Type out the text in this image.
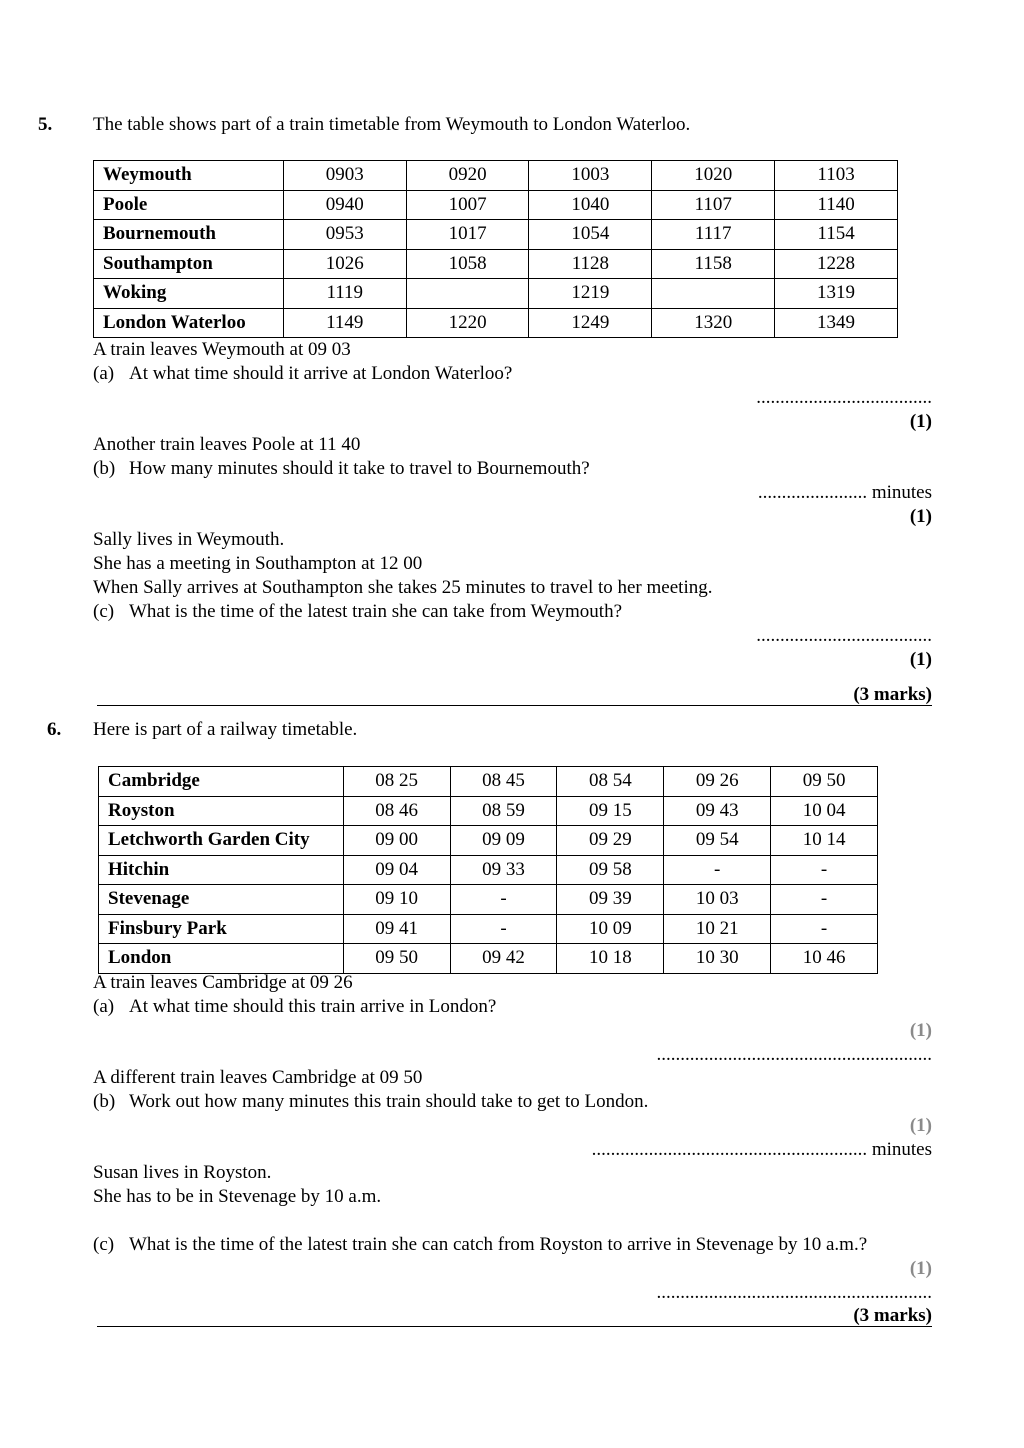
5. The table shows part of a train timetable from Weymouth to London Waterloo.
Weymouth	0903	0920	1003	1020	1103
Poole	0940	1007	1040	1107	1140
Bournemouth	0953	1017	1054	1117	1154
Southampton	1026	1058	1128	1158	1228
Woking	1119		1219		1319
London Waterloo	1149	1220	1249	1320	1349
A train leaves Weymouth at 09 03
(a) At what time should it arrive at London Waterloo?
.....................................
(1)
Another train leaves Poole at 11 40
(b) How many minutes should it take to travel to Bournemouth?
....................... minutes
(1)
Sally lives in Weymouth.
She has a meeting in Southampton at 12 00
When Sally arrives at Southampton she takes 25 minutes to travel to her meeting.
(c) What is the time of the latest train she can take from Weymouth?
.....................................
(1)
(3 marks)
6. Here is part of a railway timetable.
Cambridge	08 25	08 45	08 54	09 26	09 50
Royston	08 46	08 59	09 15	09 43	10 04
Letchworth Garden City	09 00	09 09	09 29	09 54	10 14
Hitchin	09 04	09 33	09 58	-	-
Stevenage	09 10	-	09 39	10 03	-
Finsbury Park	09 41	-	10 09	10 21	-
London	09 50	09 42	10 18	10 30	10 46
A train leaves Cambridge at 09 26
(a) At what time should this train arrive in London?
(1)
..........................................................
A different train leaves Cambridge at 09 50
(b) Work out how many minutes this train should take to get to London.
(1)
.......................................................... minutes
Susan lives in Royston.
She has to be in Stevenage by 10 a.m.
(c) What is the time of the latest train she can catch from Royston to arrive in Stevenage by 10 a.m.?
(1)
..........................................................
(3 marks)
